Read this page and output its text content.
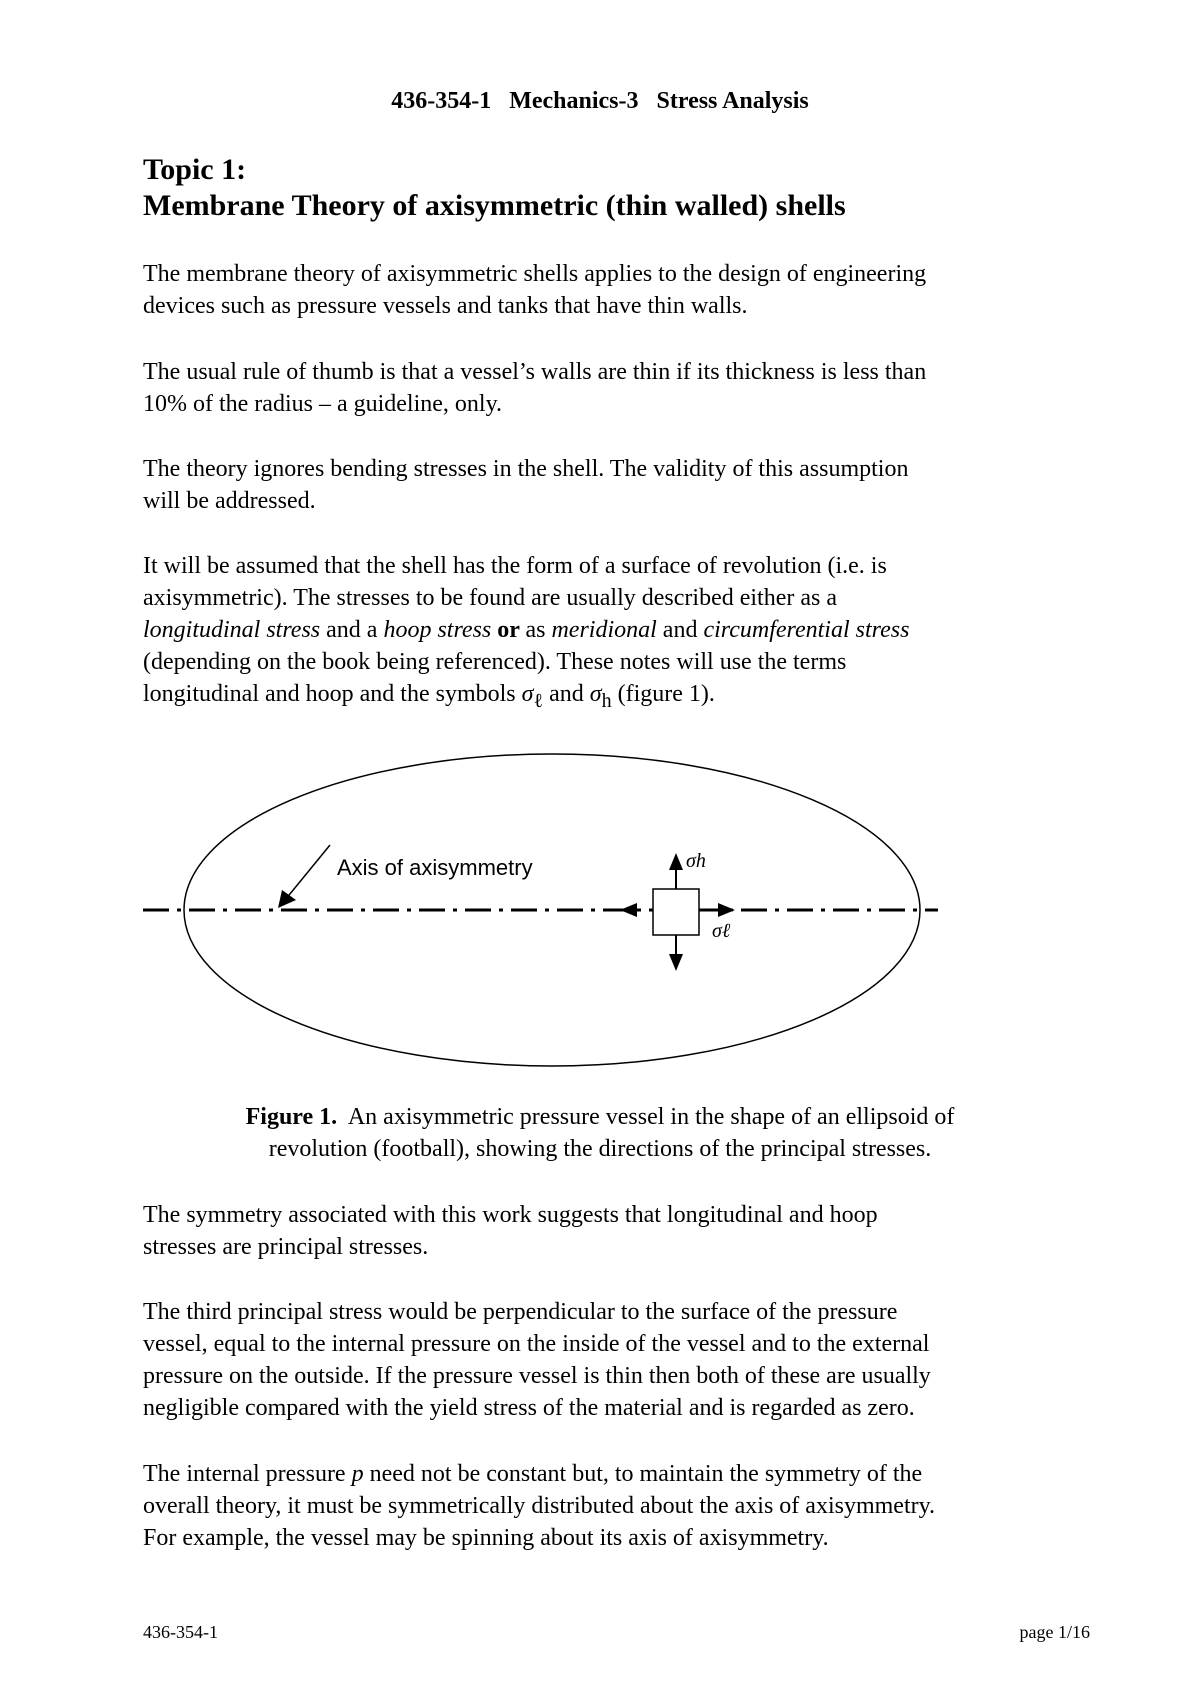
436-354-1   Mechanics-3   Stress Analysis
Topic 1:
Membrane Theory of axisymmetric (thin walled) shells
The membrane theory of axisymmetric shells applies to the design of engineering
devices such as pressure vessels and tanks that have thin walls.
The usual rule of thumb is that a vessel’s walls are thin if its thickness is less than
10% of the radius – a guideline, only.
The theory ignores bending stresses in the shell. The validity of this assumption
will be addressed.
It will be assumed that the shell has the form of a surface of revolution (i.e. is
axisymmetric). The stresses to be found are usually described either as a
longitudinal stress and a hoop stress or as meridional and circumferential stress
(depending on the book being referenced). These notes will use the terms
longitudinal and hoop and the symbols $\sigma_\ell$ and $\sigma_h$ (figure 1).
Axis of axisymmetry	σh
σℓ
Figure 1.  An axisymmetric pressure vessel in the shape of an ellipsoid of
revolution (football), showing the directions of the principal stresses.
The symmetry associated with this work suggests that longitudinal and hoop
stresses are principal stresses.
The third principal stress would be perpendicular to the surface of the pressure
vessel, equal to the internal pressure on the inside of the vessel and to the external
pressure on the outside. If the pressure vessel is thin then both of these are usually
negligible compared with the yield stress of the material and is regarded as zero.
The internal pressure p need not be constant but, to maintain the symmetry of the
overall theory, it must be symmetrically distributed about the axis of axisymmetry.
For example, the vessel may be spinning about its axis of axisymmetry.
436-354-1	page 1/16
